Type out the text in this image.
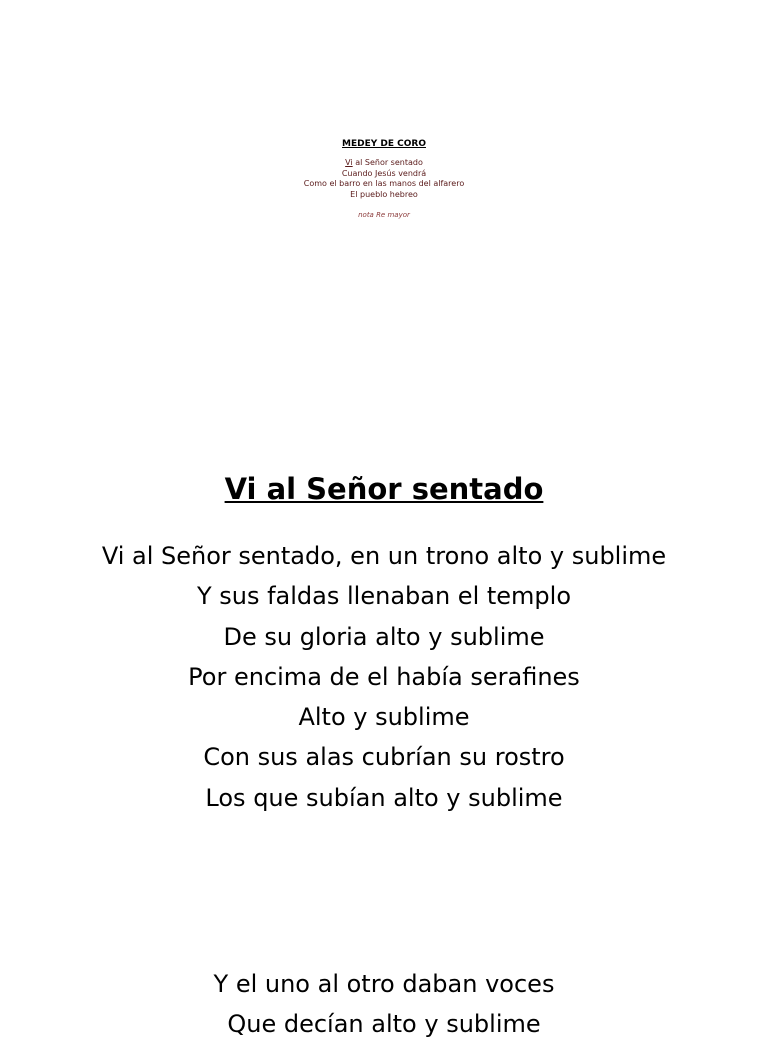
MEDEY DE CORO
Vi al Señor sentado
Cuando Jesús vendrá
Como el barro en las manos del alfarero
El pueblo hebreo
nota Re mayor
Vi al Señor sentado
Vi al Señor sentado, en un trono alto y sublime
Y sus faldas llenaban el templo
De su gloria alto y sublime
Por encima de el había serafines
Alto y sublime
Con sus alas cubrían su rostro
Los que subían alto y sublime
Y el uno al otro daban voces
Que decían alto y sublime
